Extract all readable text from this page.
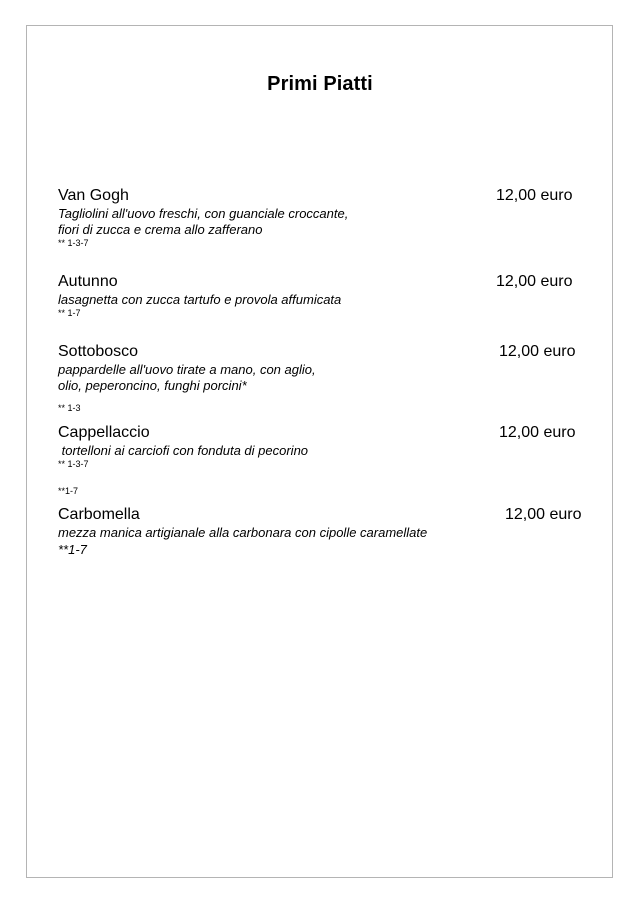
Primi Piatti
Van Gogh	12,00 euro
Tagliolini all'uovo freschi, con guanciale croccante,
fiori di zucca e crema allo zafferano
** 1-3-7
Autunno	12,00 euro
lasagnetta con zucca tartufo e provola affumicata
** 1-7
Sottobosco	12,00 euro
pappardelle all'uovo tirate a mano, con aglio,
olio, peperoncino, funghi porcini*
** 1-3
Cappellaccio	12,00 euro
tortelloni ai carciofi con fonduta di pecorino
** 1-3-7
**1-7
Carbomella	12,00 euro
mezza manica artigianale alla carbonara con cipolle caramellate
**1-7
